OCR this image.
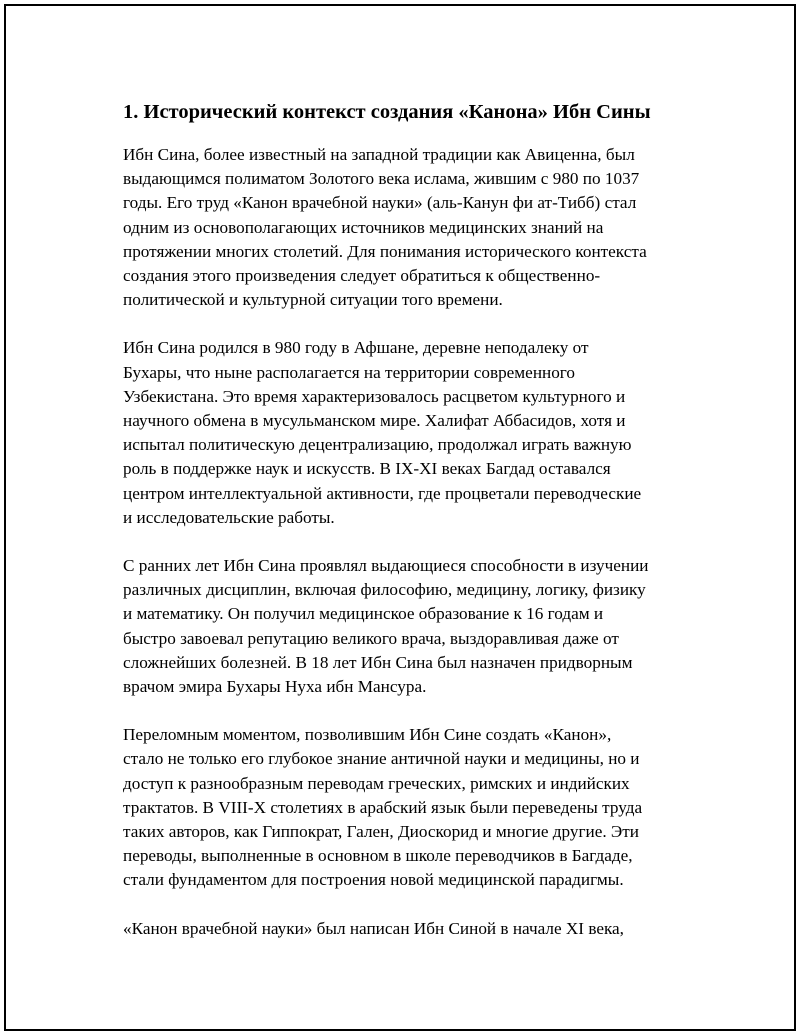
1. Исторический контекст создания «Канона» Ибн Сины

Ибн Сина, более известный на западной традиции как Авиценна, был
выдающимся полиматом Золотого века ислама, жившим с 980 по 1037
годы. Его труд «Канон врачебной науки» (аль-Канун фи ат-Тибб) стал
одним из основополагающих источников медицинских знаний на
протяжении многих столетий. Для понимания исторического контекста
создания этого произведения следует обратиться к общественно-
политической и культурной ситуации того времени.

Ибн Сина родился в 980 году в Афшане, деревне неподалеку от
Бухары, что ныне располагается на территории современного
Узбекистана. Это время характеризовалось расцветом культурного и
научного обмена в мусульманском мире. Халифат Аббасидов, хотя и
испытал политическую децентрализацию, продолжал играть важную
роль в поддержке наук и искусств. В IX-XI веках Багдад оставался
центром интеллектуальной активности, где процветали переводческие
и исследовательские работы.

С ранних лет Ибн Сина проявлял выдающиеся способности в изучении
различных дисциплин, включая философию, медицину, логику, физику
и математику. Он получил медицинское образование к 16 годам и
быстро завоевал репутацию великого врача, выздоравливая даже от
сложнейших болезней. В 18 лет Ибн Сина был назначен придворным
врачом эмира Бухары Нуха ибн Мансура.

Переломным моментом, позволившим Ибн Сине создать «Канон»,
стало не только его глубокое знание античной науки и медицины, но и
доступ к разнообразным переводам греческих, римских и индийских
трактатов. В VIII-X столетиях в арабский язык были переведены труда
таких авторов, как Гиппократ, Гален, Диоскорид и многие другие. Эти
переводы, выполненные в основном в школе переводчиков в Багдаде,
стали фундаментом для построения новой медицинской парадигмы.

«Канон врачебной науки» был написан Ибн Синой в начале XI века,
